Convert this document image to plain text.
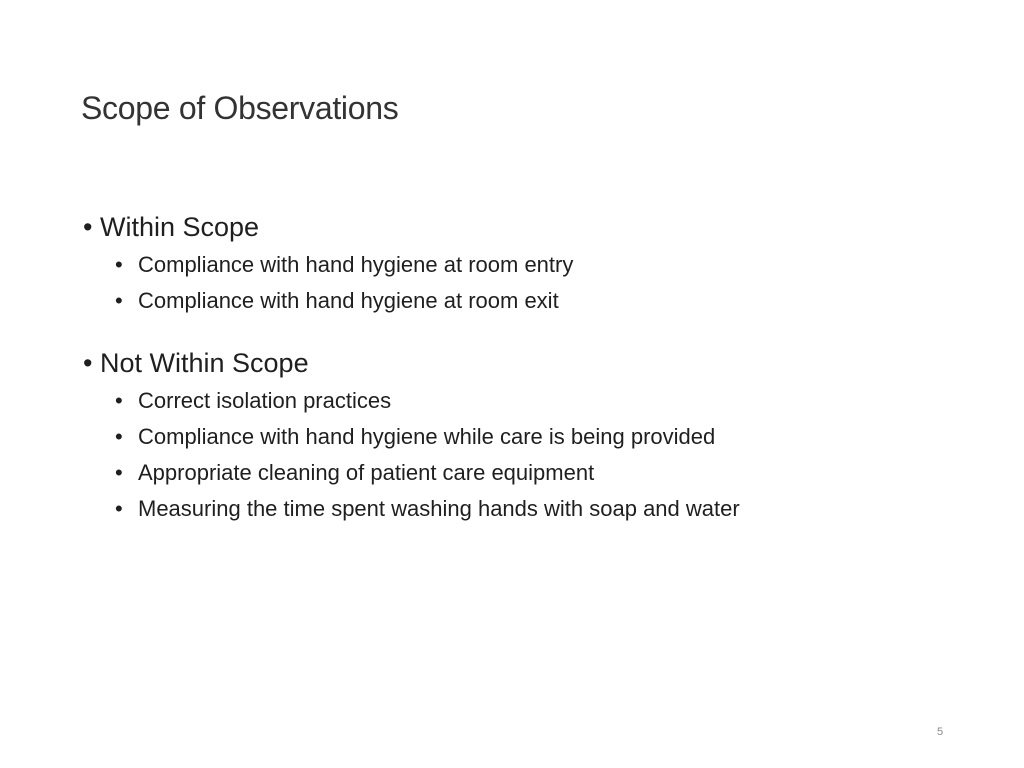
Scope of Observations
• Within Scope
• Compliance with hand hygiene at room entry
• Compliance with hand hygiene at room exit
• Not Within Scope
• Correct isolation practices
• Compliance with hand hygiene while care is being provided
• Appropriate cleaning of patient care equipment
• Measuring the time spent washing hands with soap and water
5
